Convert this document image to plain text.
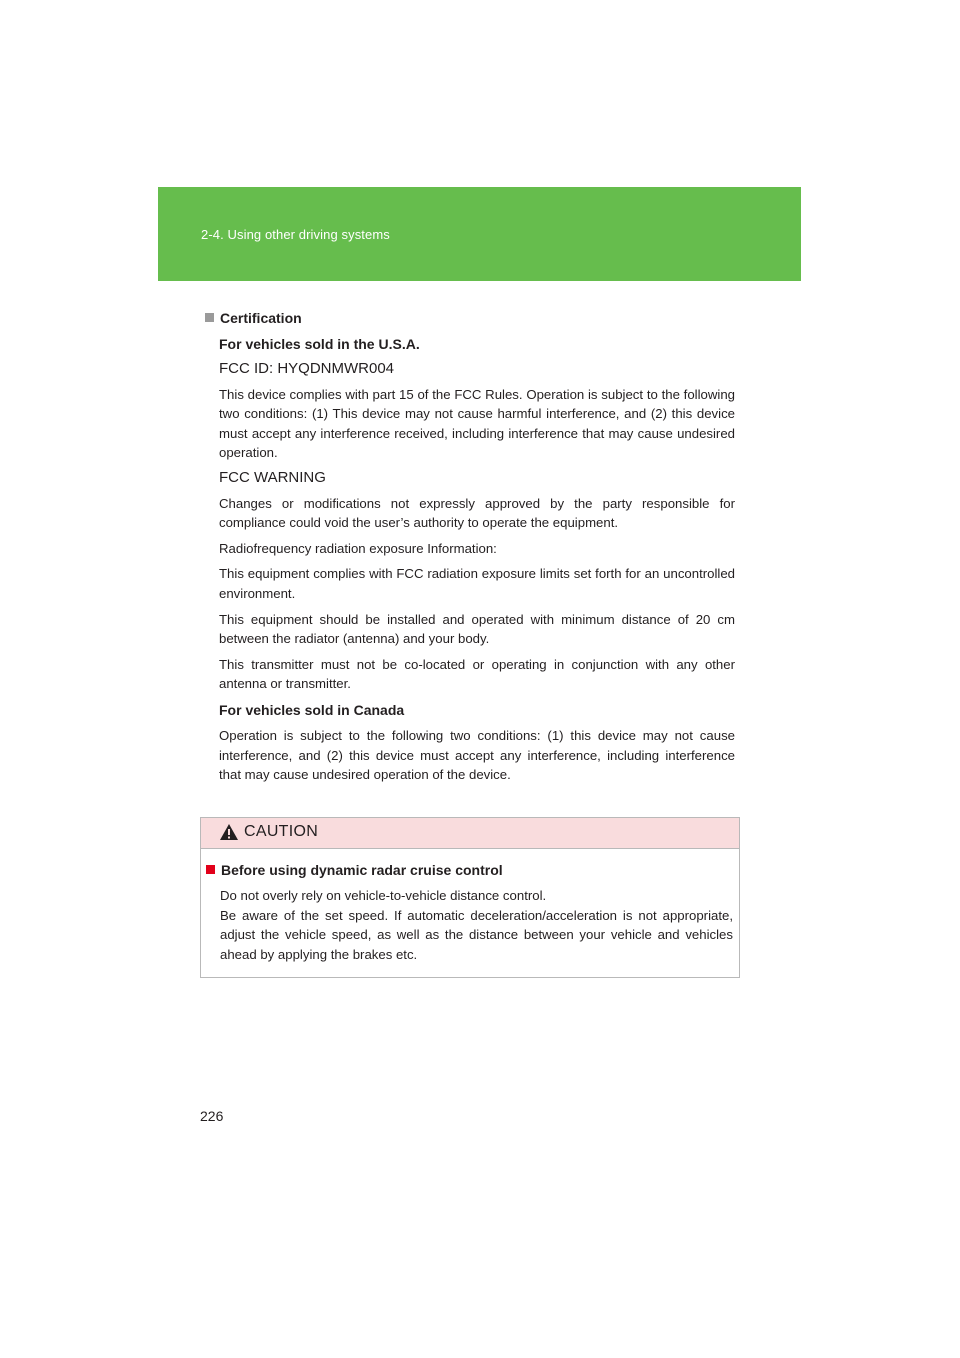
2-4. Using other driving systems

Certification

For vehicles sold in the U.S.A.

FCC ID: HYQDNMWR004

This device complies with part 15 of the FCC Rules. Operation is subject to the following two conditions: (1) This device may not cause harmful interference, and (2) this device must accept any interference received, including interference that may cause undesired operation.

FCC WARNING

Changes or modifications not expressly approved by the party responsible for compliance could void the user’s authority to operate the equipment.

Radiofrequency radiation exposure Information:

This equipment complies with FCC radiation exposure limits set forth for an uncontrolled environment.

This equipment should be installed and operated with minimum distance of 20 cm between the radiator (antenna) and your body.

This transmitter must not be co-located or operating in conjunction with any other antenna or transmitter.

For vehicles sold in Canada

Operation is subject to the following two conditions: (1) this device may not cause interference, and (2) this device must accept any interference, including interference that may cause undesired operation of the device.

CAUTION

Before using dynamic radar cruise control

Do not overly rely on vehicle-to-vehicle distance control.
Be aware of the set speed. If automatic deceleration/acceleration is not appropriate, adjust the vehicle speed, as well as the distance between your vehicle and vehicles ahead by applying the brakes etc.

226
